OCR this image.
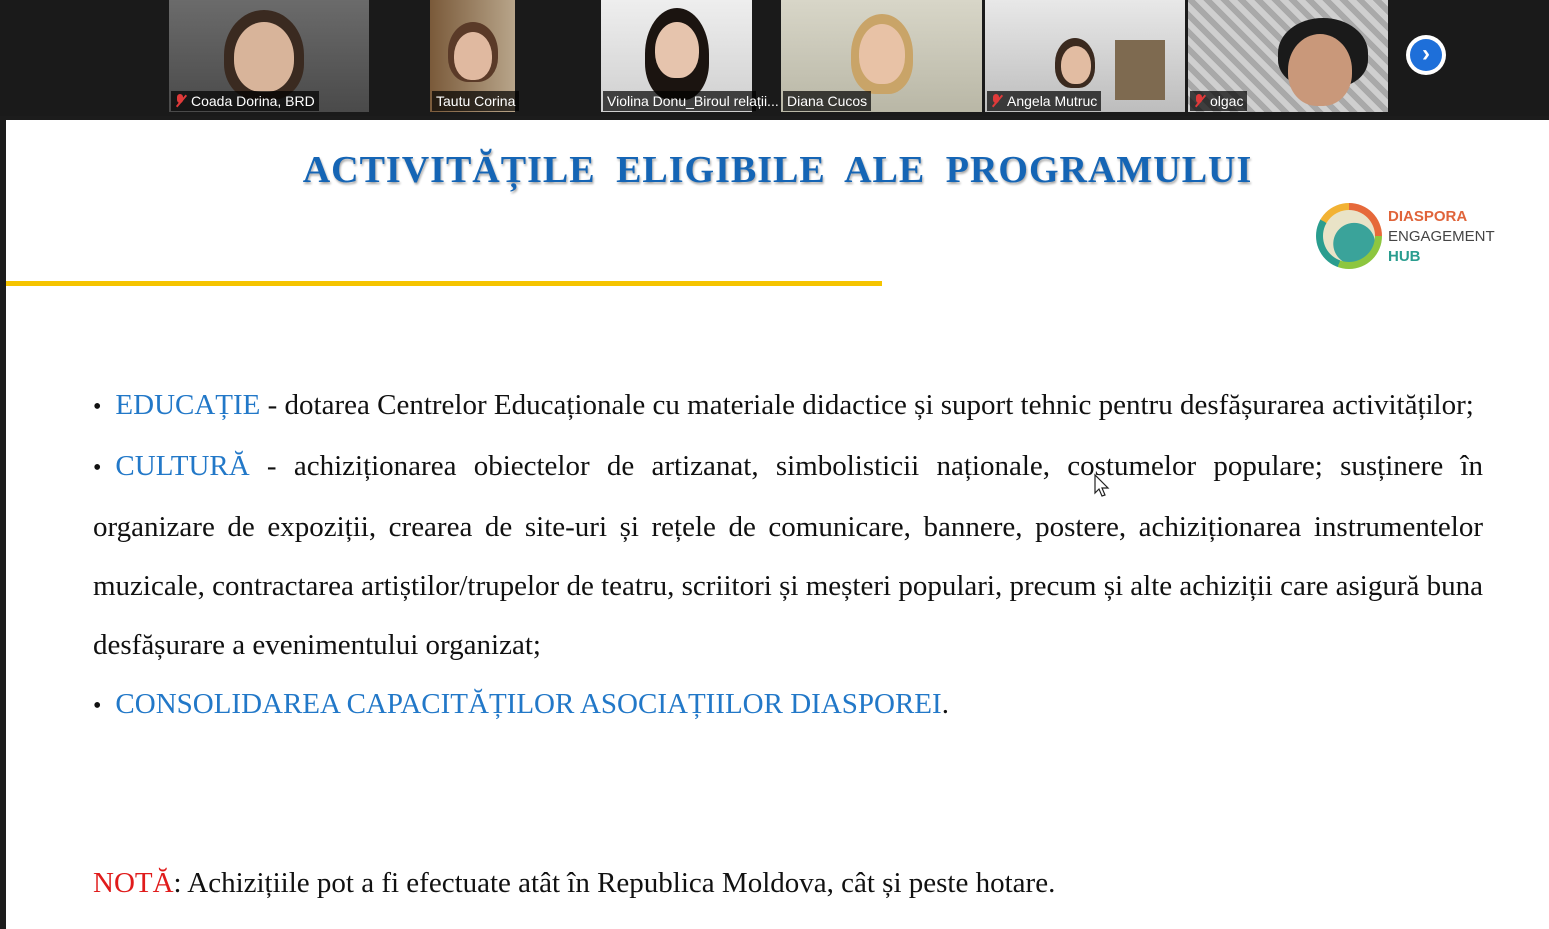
Coada Dorina, BRD	Tautu Corina	Violina Donu_Biroul relații... Diana Cucos	Angela Mutruc	olgac
›
ACTIVITĂȚILE ELIGIBILE ALE PROGRAMULUI
DIASPORA
ENGAGEMENT
HUB

• EDUCAȚIE - dotarea Centrelor Educaționale cu materiale didactice și suport tehnic pentru desfășurarea activităților;

• CULTURĂ - achiziționarea obiectelor de artizanat, simbolisticii naționale, costumelor populare; susținere în organizare de expoziții, crearea de site-uri și rețele de comunicare, bannere, postere, achiziționarea instrumentelor muzicale, contractarea artiștilor/trupelor de teatru, scriitori și meșteri populari, precum și alte achiziții care asigură buna desfășurare a evenimentului organizat;

• CONSOLIDAREA CAPACITĂȚILOR ASOCIAȚIILOR DIASPOREI.

NOTĂ: Achizițiile pot a fi efectuate atât în Republica Moldova, cât și peste hotare.
